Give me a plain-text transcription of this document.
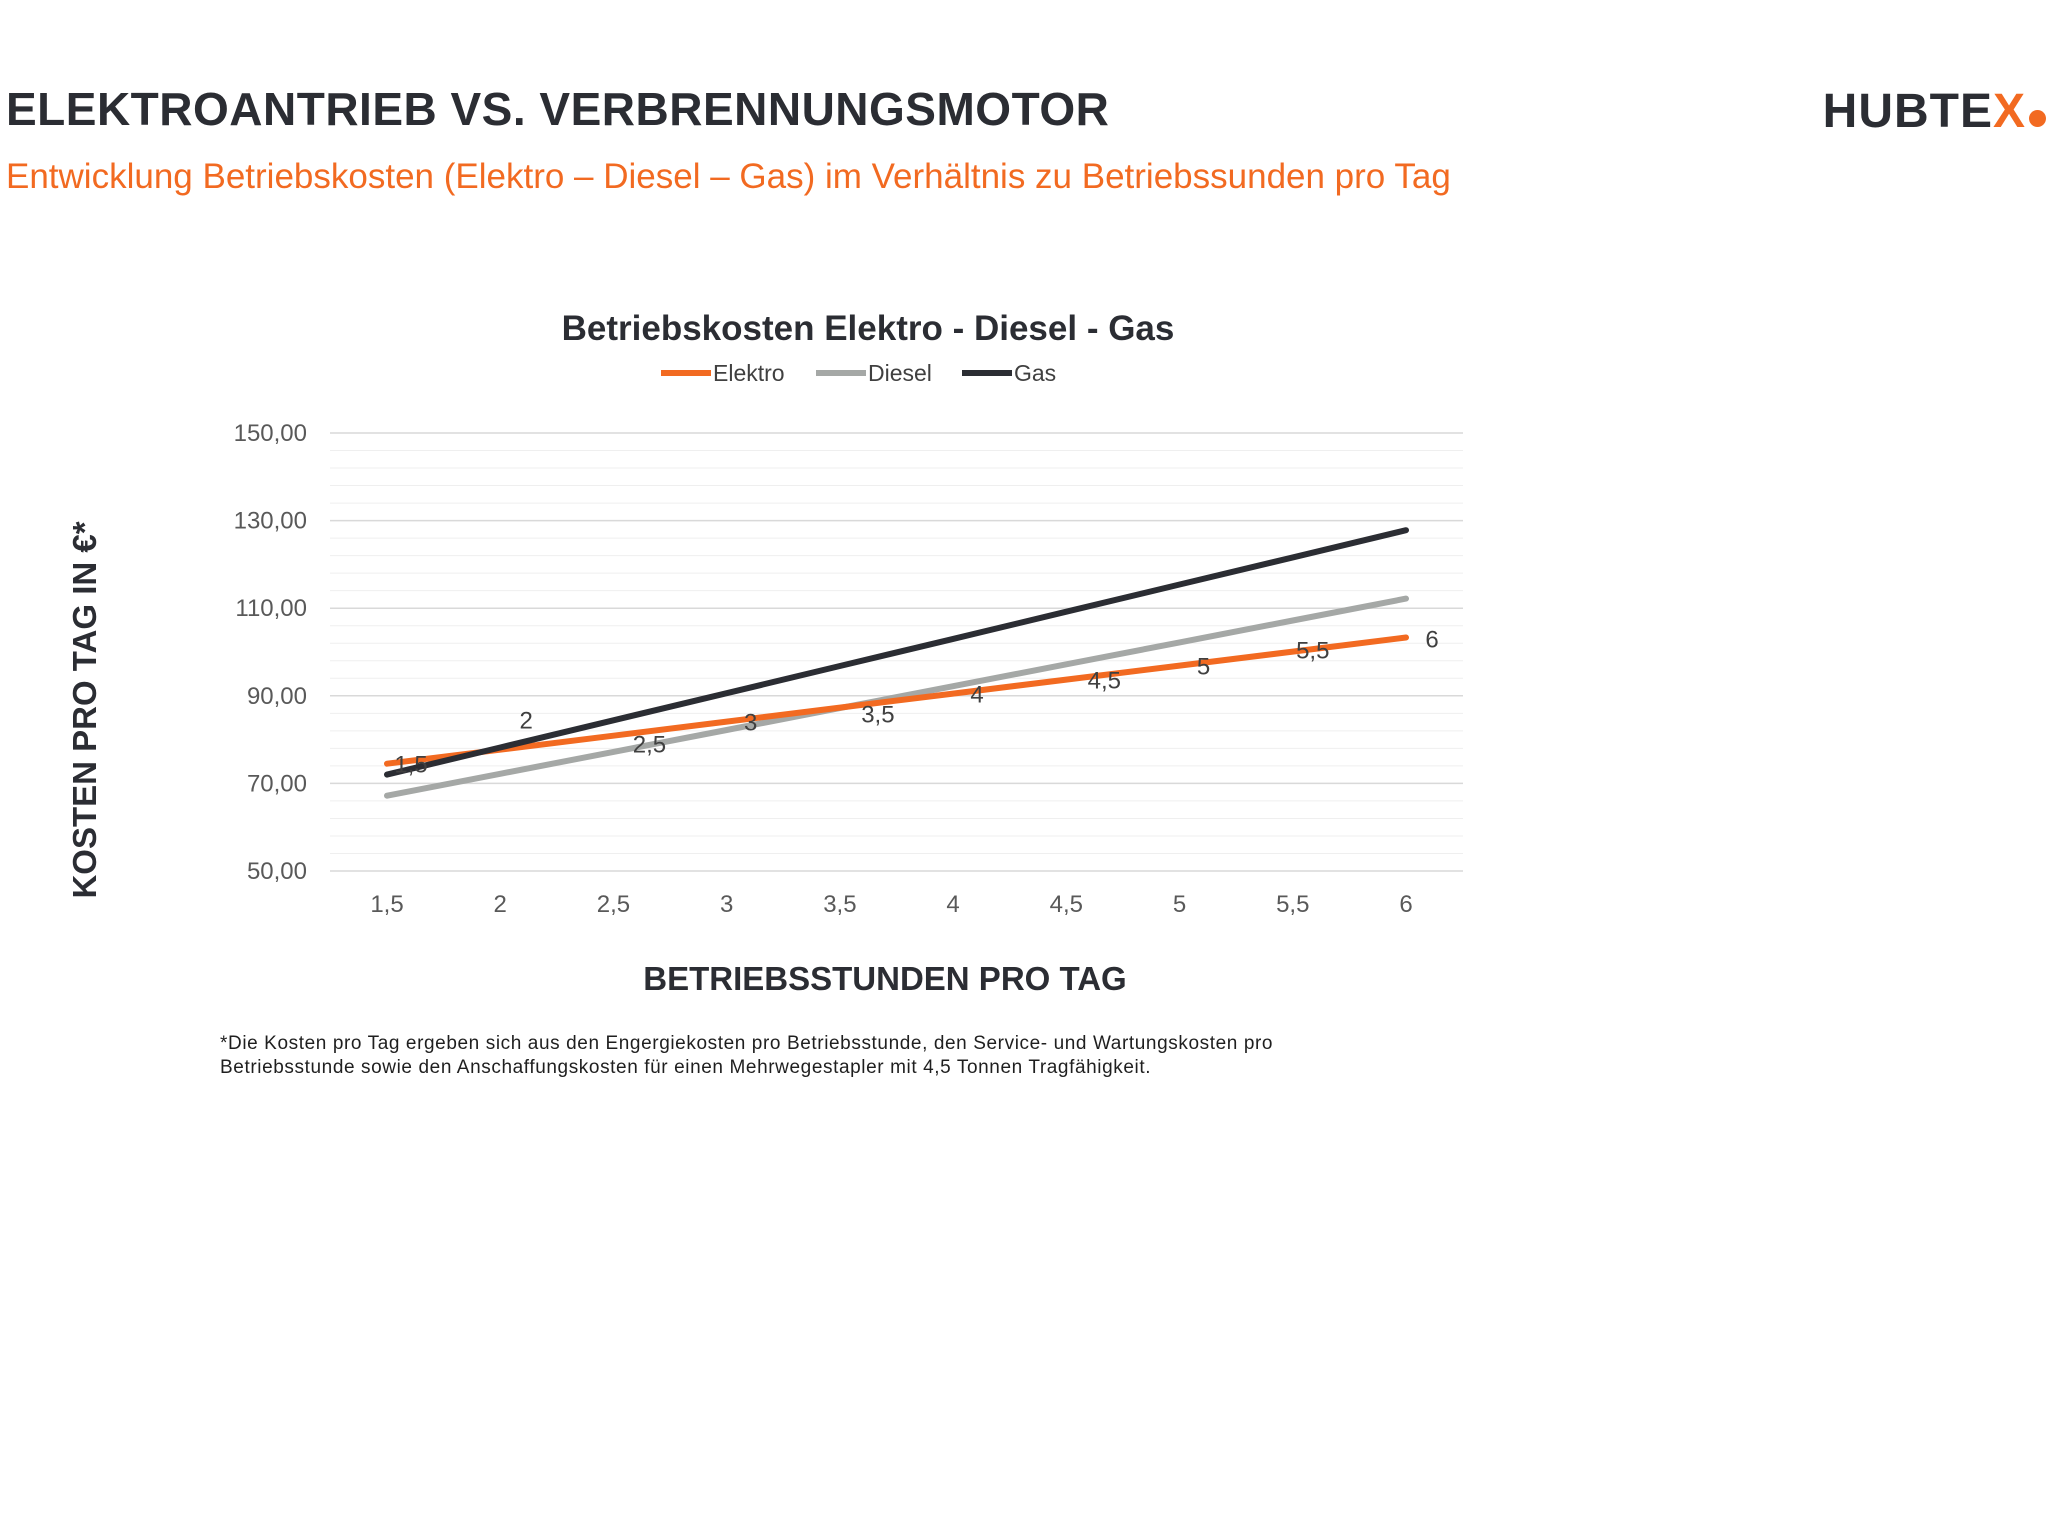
ELEKTROANTRIEB VS. VERBRENNUNGSMOTOR
Entwicklung Betriebskosten (Elektro – Diesel – Gas) im Verhältnis zu Betriebssunden pro Tag
HUBTEX
50,00
70,00
90,00
110,00
130,00
150,00
1,5	2	2,5	3	3,5	4	4,5	5	5,5	6
1,5
2
2,5
3	3,5
4
4,5
5
5,5	6
Betriebskosten Elektro - Diesel - Gas
Elektro	Diesel	Gas
BETRIEBSSTUNDEN PRO TAG
KOSTEN PRO TAG IN €*

*Die Kosten pro Tag ergeben sich aus den Engergiekosten pro Betriebsstunde, den Service- und Wartungskosten pro Betriebsstunde sowie den Anschaffungskosten für einen Mehrwegestapler mit 4,5 Tonnen Tragfähigkeit.
